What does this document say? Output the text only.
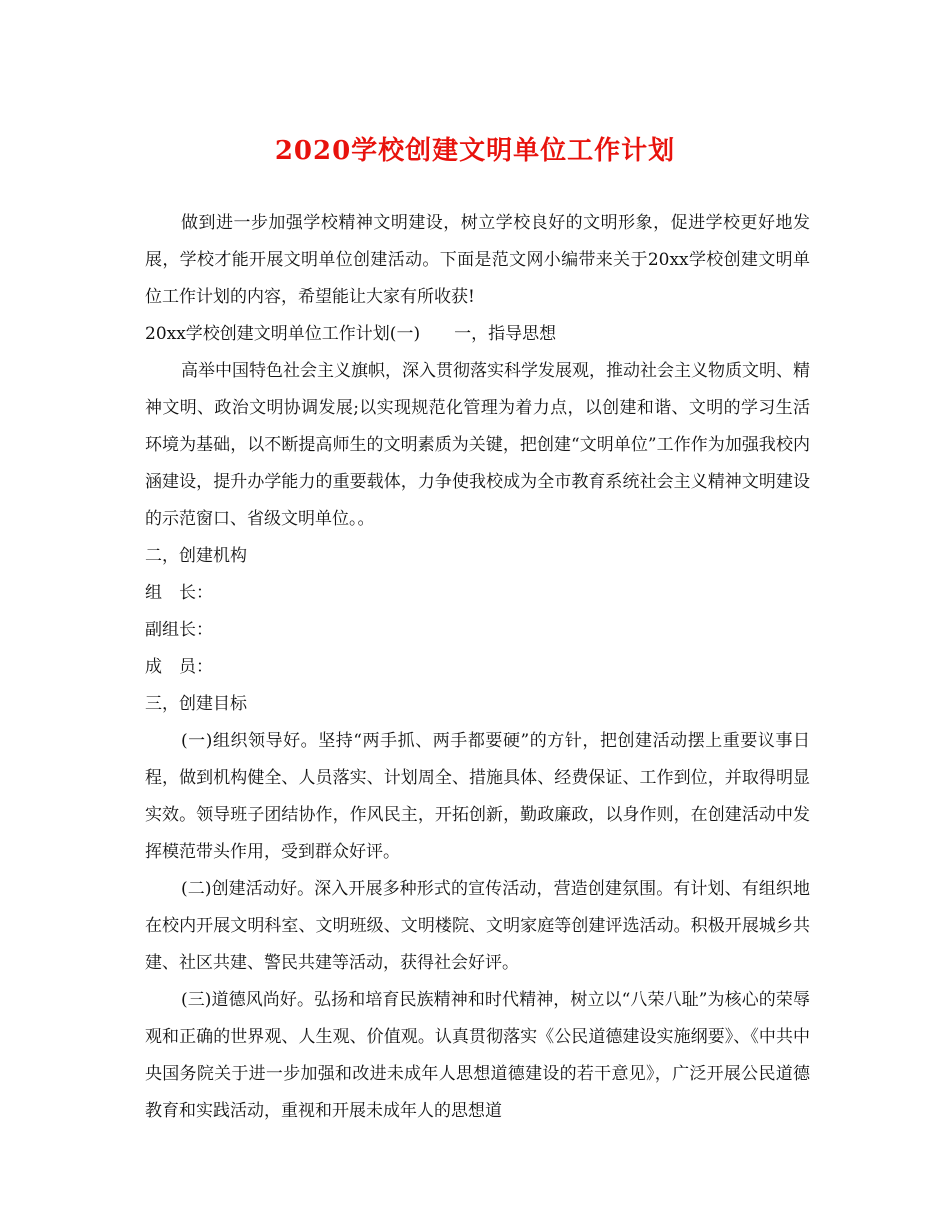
2020学校创建文明单位工作计划

做到进一步加强学校精神文明建设，树立学校良好的文明形象，促进学校更好地发展，学校才能开展文明单位创建活动。下面是范文网小编带来关于20xx学校创建文明单位工作计划的内容，希望能让大家有所收获!

20xx学校创建文明单位工作计划(一)　　一，指导思想

高举中国特色社会主义旗帜，深入贯彻落实科学发展观，推动社会主义物质文明、精神文明、政治文明协调发展;以实现规范化管理为着力点，以创建和谐、文明的学习生活环境为基础，以不断提高师生的文明素质为关键，把创建“文明单位”工作作为加强我校内涵建设，提升办学能力的重要载体，力争使我校成为全市教育系统社会主义精神文明建设的示范窗口、省级文明单位。。

二，创建机构

组　长：

副组长：

成　员：

三，创建目标

(一)组织领导好。坚持“两手抓、两手都要硬”的方针，把创建活动摆上重要议事日程，做到机构健全、人员落实、计划周全、措施具体、经费保证、工作到位，并取得明显实效。领导班子团结协作，作风民主，开拓创新，勤政廉政，以身作则，在创建活动中发挥模范带头作用，受到群众好评。

(二)创建活动好。深入开展多种形式的宣传活动，营造创建氛围。有计划、有组织地在校内开展文明科室、文明班级、文明楼院、文明家庭等创建评选活动。积极开展城乡共建、社区共建、警民共建等活动，获得社会好评。

(三)道德风尚好。弘扬和培育民族精神和时代精神，树立以“八荣八耻”为核心的荣辱观和正确的世界观、人生观、价值观。认真贯彻落实《公民道德建设实施纲要》、《中共中央国务院关于进一步加强和改进未成年人思想道德建设的若干意见》，广泛开展公民道德教育和实践活动，重视和开展未成年人的思想道
